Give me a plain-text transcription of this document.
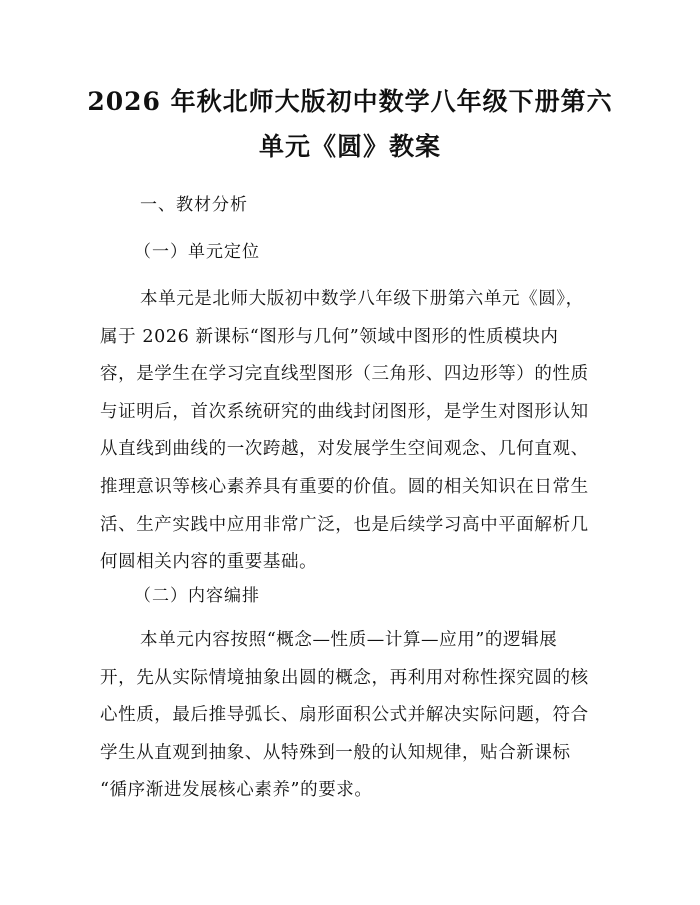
2026 年秋北师大版初中数学八年级下册第六
单元《圆》教案

一、教材分析

（一）单元定位

本单元是北师大版初中数学八年级下册第六单元《圆》，
属于 2026 新课标“图形与几何”领域中图形的性质模块内
容，是学生在学习完直线型图形（三角形、四边形等）的性质
与证明后，首次系统研究的曲线封闭图形，是学生对图形认知
从直线到曲线的一次跨越，对发展学生空间观念、几何直观、
推理意识等核心素养具有重要的价值。圆的相关知识在日常生
活、生产实践中应用非常广泛，也是后续学习高中平面解析几
何圆相关内容的重要基础。

（二）内容编排

本单元内容按照“概念—性质—计算—应用”的逻辑展
开，先从实际情境抽象出圆的概念，再利用对称性探究圆的核
心性质，最后推导弧长、扇形面积公式并解决实际问题，符合
学生从直观到抽象、从特殊到一般的认知规律，贴合新课标
“循序渐进发展核心素养”的要求。
